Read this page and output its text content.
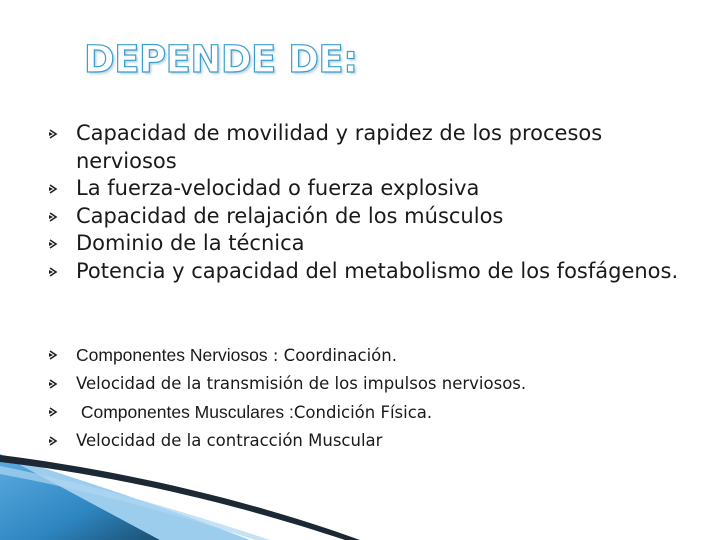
DEPENDE DE:
Capacidad de movilidad y rapidez de los procesos nerviosos
La fuerza-velocidad o fuerza explosiva
Capacidad de relajación de los músculos
Dominio de la técnica
Potencia y capacidad del metabolismo de los fosfágenos.
Componentes Nerviosos : Coordinación.
Velocidad de la transmisión de los impulsos nerviosos.
Componentes Musculares :Condición Física.
Velocidad de la contracción Muscular
